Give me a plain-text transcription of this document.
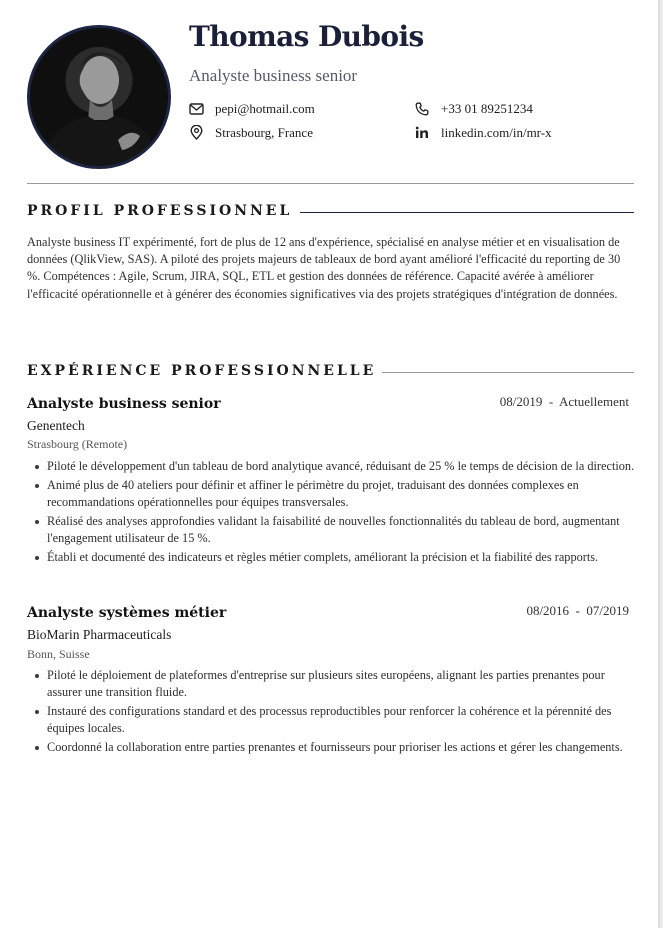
Thomas Dubois
Analyste business senior
pepi@hotmail.com	+33 01 89251234
Strasbourg, France	linkedin.com/in/mr-x
PROFIL PROFESSIONNEL
Analyste business IT expérimenté, fort de plus de 12 ans d'expérience, spécialisé en analyse métier et en visualisation de données (QlikView, SAS). A piloté des projets majeurs de tableaux de bord ayant amélioré l'efficacité du reporting de 30 %. Compétences : Agile, Scrum, JIRA, SQL, ETL et gestion des données de référence. Capacité avérée à améliorer l'efficacité opérationnelle et à générer des économies significatives via des projets stratégiques d'intégration de données.
EXPÉRIENCE PROFESSIONNELLE
Analyste business senior	08/2019  -  Actuellement
Genentech
Strasbourg (Remote)
Piloté le développement d'un tableau de bord analytique avancé, réduisant de 25 % le temps de décision de la direction.
Animé plus de 40 ateliers pour définir et affiner le périmètre du projet, traduisant des données complexes en recommandations opérationnelles pour équipes transversales.
Réalisé des analyses approfondies validant la faisabilité de nouvelles fonctionnalités du tableau de bord, augmentant l'engagement utilisateur de 15 %.
Établi et documenté des indicateurs et règles métier complets, améliorant la précision et la fiabilité des rapports.
Analyste systèmes métier	08/2016  -  07/2019
BioMarin Pharmaceuticals
Bonn, Suisse
Piloté le déploiement de plateformes d'entreprise sur plusieurs sites européens, alignant les parties prenantes pour assurer une transition fluide.
Instauré des configurations standard et des processus reproductibles pour renforcer la cohérence et la pérennité des équipes locales.
Coordonné la collaboration entre parties prenantes et fournisseurs pour prioriser les actions et gérer les changements.
